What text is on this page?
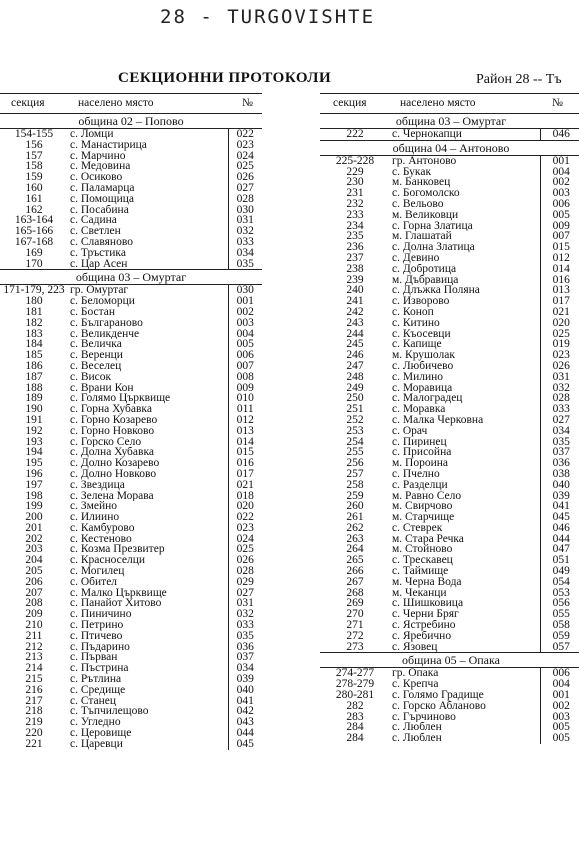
28 - TURGOVISHTE
СЕКЦИОННИ ПРОТОКОЛИ	Район 28 -- Тъ
секция	населено място	№
община 02 – Попово
154-155	с. Ломци	022
156	с. Манастирица	023
157	с. Марчино	024
158	с. Медовина	025
159	с. Осиково	026
160	с. Паламарца	027
161	с. Помощица	028
162	с. Посабина	030
163-164	с. Садина	031
165-166	с. Светлен	032
167-168	с. Славяново	033
169	с. Тръстика	034
170	с. Цар Асен	035
община 03 – Омуртаг
171-179, 223	гр. Омуртаг	030
180	с. Беломорци	001
181	с. Бостан	002
182	с. Българаново	003
183	с. Великденче	004
184	с. Величка	005
185	с. Веренци	006
186	с. Веселец	007
187	с. Висок	008
188	с. Врани Кон	009
189	с. Голямо Църквище	010
190	с. Горна Хубавка	011
191	с. Горно Козарево	012
192	с. Горно Новково	013
193	с. Горско Село	014
194	с. Долна Хубавка	015
195	с. Долно Козарево	016
196	с. Долно Новково	017
197	с. Звездица	021
198	с. Зелена Морава	018
199	с. Змейно	020
200	с. Илиино	022
201	с. Камбурово	023
202	с. Кестеново	024
203	с. Козма Презвитер	025
204	с. Красноселци	026
205	с. Могилец	028
206	с. Обител	029
207	с. Малко Църквище	027
208	с. Панайот Хитово	031
209	с. Пиничино	032
210	с. Петрино	033
211	с. Птичево	035
212	с. Пъдарино	036
213	с. Първан	037
214	с. Пъстрина	034
215	с. Рътлина	039
216	с. Средище	040
217	с. Станец	041
218	с. Тъпчилещово	042
219	с. Угледно	043
220	с. Церовище	044
221	с. Царевци	045
секция	населено място	№
община 03 – Омуртаг
222	с. Чернокапци	046
община 04 – Антоново
225-228	гр. Антоново	001
229	с. Букак	004
230	м. Банковец	002
231	с. Богомолско	003
232	с. Вельово	006
233	м. Великовци	005
234	с. Горна Златица	009
235	м. Глашатай	007
236	с. Долна Златица	015
237	с. Девино	012
238	с. Добротица	014
239	м. Дъбравица	016
240	с. Длъжка Поляна	013
241	с. Изворово	017
242	с. Коноп	021
243	с. Китино	020
244	с. Къосевци	025
245	с. Капище	019
246	м. Крушолак	023
247	с. Любичево	026
248	с. Милино	031
249	с. Моравица	032
250	с. Малоградец	028
251	с. Моравка	033
252	с. Малка Черковна	027
253	с. Орач	034
254	с. Пиринец	035
255	с. Присойна	037
256	м. Пороина	036
257	с. Пчелно	038
258	с. Разделци	040
259	м. Равно Село	039
260	м. Свирчово	041
261	м. Старчище	045
262	с. Стеврек	046
263	м. Стара Речка	044
264	м. Стойново	047
265	с. Трескавец	051
266	с. Таймище	049
267	м. Черна Вода	054
268	м. Чеканци	053
269	с. Шишковица	056
270	с. Черни Бряг	055
271	с. Ястребино	058
272	с. Яребично	059
273	с. Язовец	057
община 05 – Опака
274-277	гр. Опака	006
278-279	с. Крепча	004
280-281	с. Голямо Градище	001
282	с. Горско Абланово	002
283	с. Гърчиново	003
284	с. Люблен	005
284	с. Люблен	005
